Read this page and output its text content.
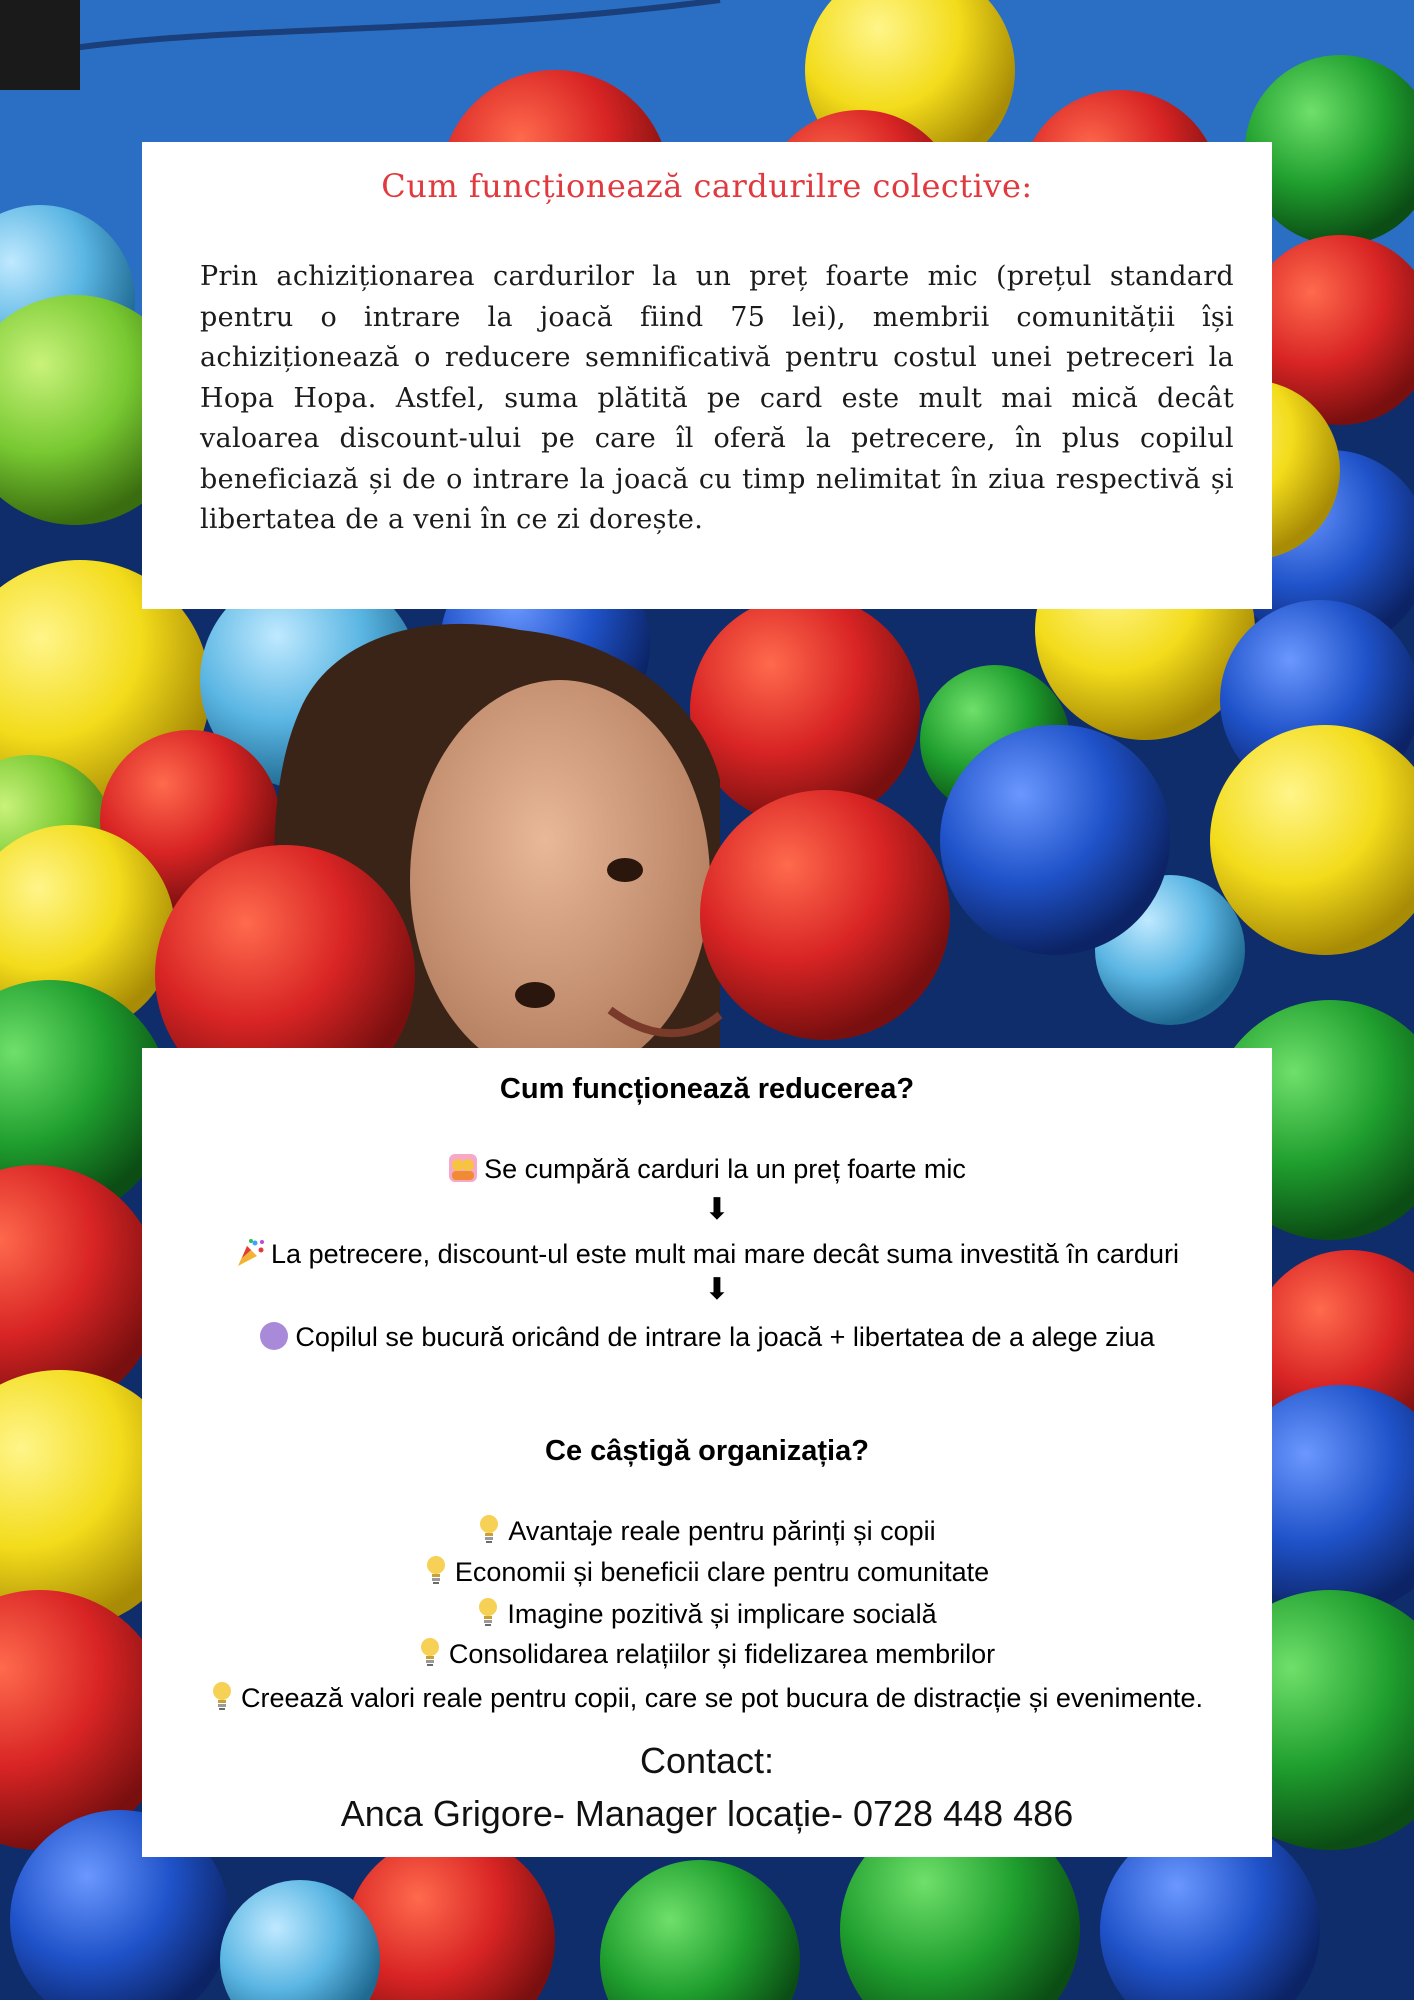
Cum funcționează cardurilre colective:
Prin achiziționarea cardurilor la un preț foarte mic (prețul standard pentru o intrare la joacă fiind 75 lei), membrii comunității își achiziționează o reducere semnificativă pentru costul unei petreceri la Hopa Hopa. Astfel, suma plătită pe card este mult mai mică decât valoarea discount-ului pe care îl oferă la petrecere, în plus copilul beneficiază și de o intrare la joacă cu timp nelimitat în ziua respectivă și libertatea de a veni în ce zi dorește.
Cum funcționează reducerea?
Se cumpără carduri la un preț foarte mic
⬇
La petrecere, discount-ul este mult mai mare decât suma investită în carduri
⬇
Copilul se bucură oricând de intrare la joacă + libertatea de a alege ziua
Ce câștigă organizația?
Avantaje reale pentru părinți și copii
Economii și beneficii clare pentru comunitate
Imagine pozitivă și implicare socială
Consolidarea relațiilor și fidelizarea membrilor
Creează valori reale pentru copii, care se pot bucura de distracție și evenimente.
Contact:
Anca Grigore- Manager locație- 0728 448 486
